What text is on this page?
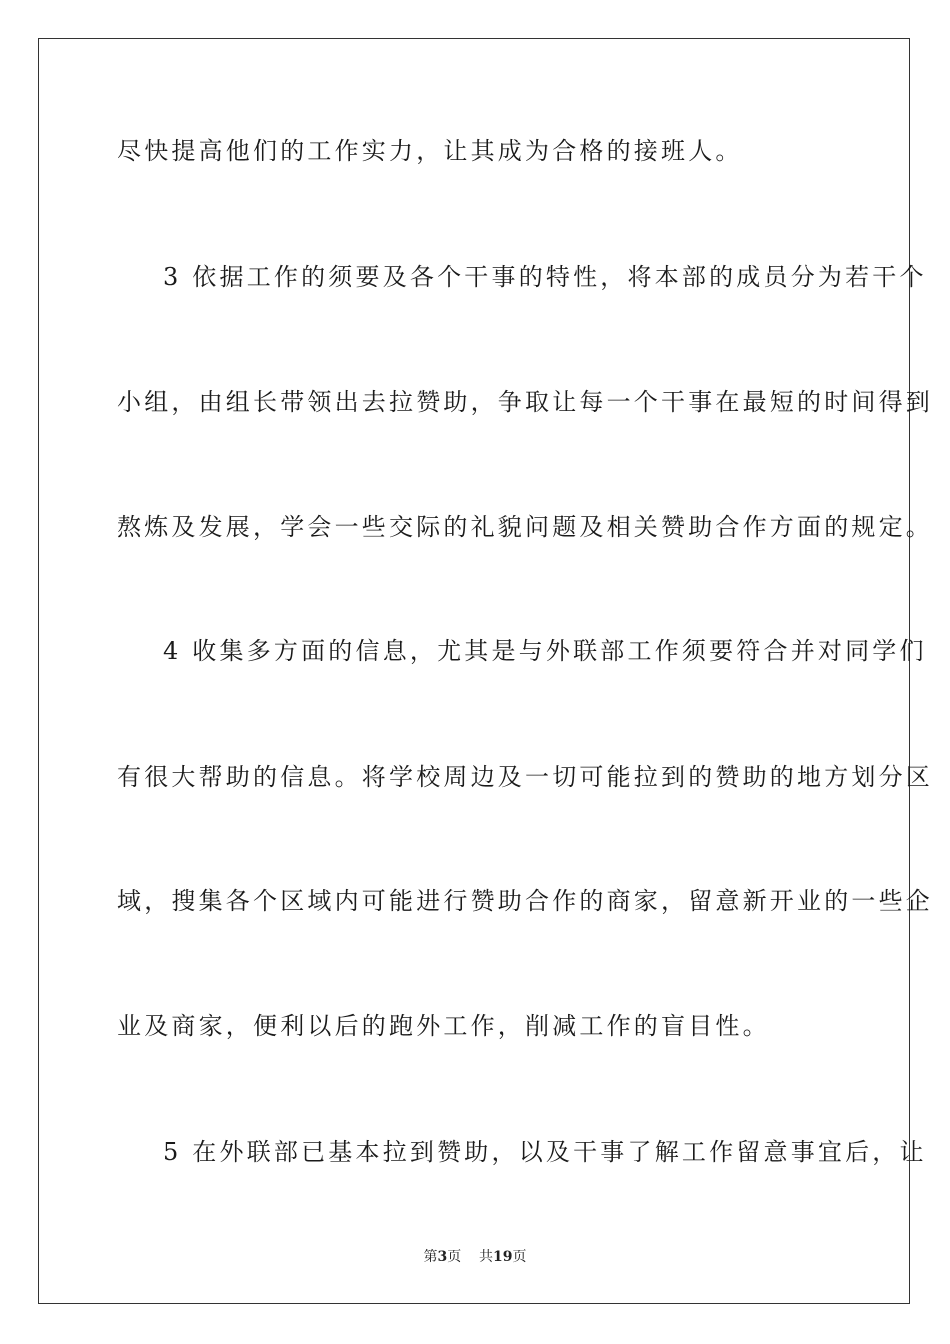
尽快提高他们的工作实力，让其成为合格的接班人。
3 依据工作的须要及各个干事的特性，将本部的成员分为若干个
小组，由组长带领出去拉赞助，争取让每一个干事在最短的时间得到
熬炼及发展，学会一些交际的礼貌问题及相关赞助合作方面的规定。
4 收集多方面的信息，尤其是与外联部工作须要符合并对同学们
有很大帮助的信息。将学校周边及一切可能拉到的赞助的地方划分区
域，搜集各个区域内可能进行赞助合作的商家，留意新开业的一些企
业及商家，便利以后的跑外工作，削减工作的盲目性。
5 在外联部已基本拉到赞助，以及干事了解工作留意事宜后，让
第3页 共19页
